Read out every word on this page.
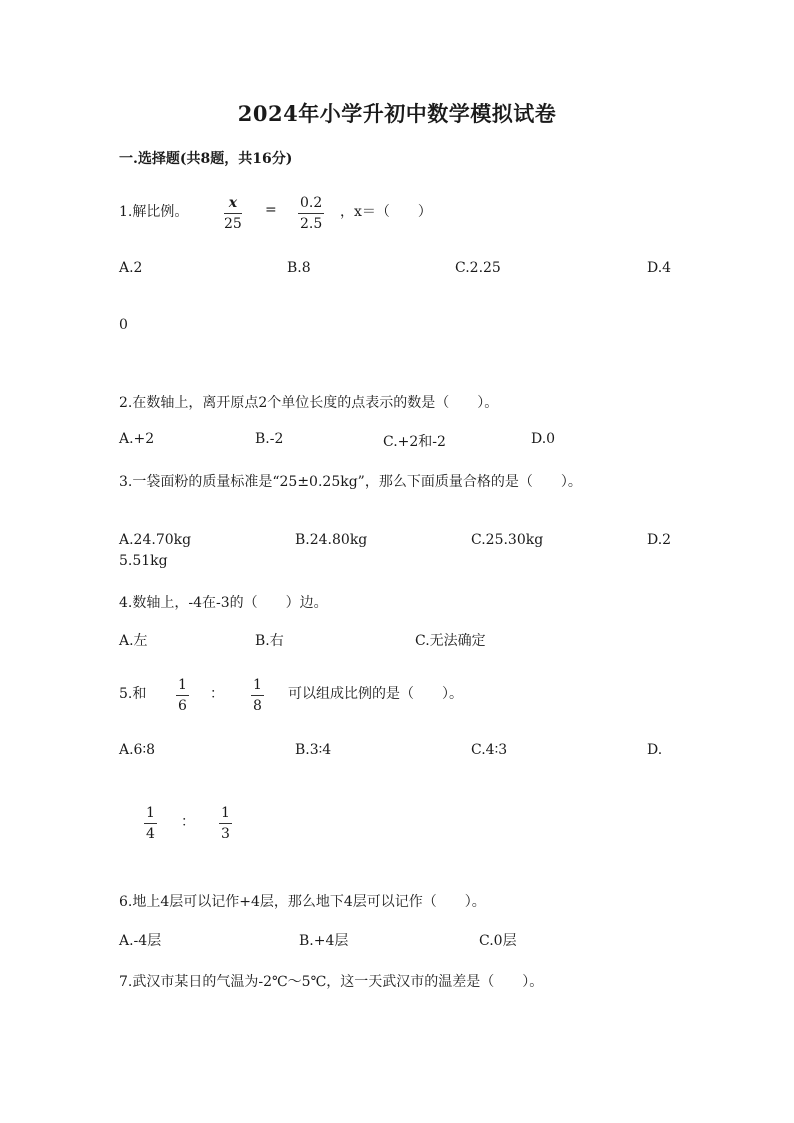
2024年小学升初中数学模拟试卷
一.选择题(共8题，共16分)
1.解比例。
x
25
= 0.2
2.5
，x＝（　　）
A.2	B.8	C.2.25	D.4
0
2.在数轴上，离开原点2个单位长度的点表示的数是（　　）。
A.+2	B.-2	C.+2和-2	D.0
3.一袋面粉的质量标准是“25±0.25kg”，那么下面质量合格的是（　　）。
A.24.70kg	B.24.80kg	C.25.30kg	D.2
5.51kg
4.数轴上，-4在-3的（　　）边。
A.左	B.右	C.无法确定
5.和
1
6
：
1
8
可以组成比例的是（　　）。
A.6∶8	B.3∶4	C.4∶3	D.
1
4
：
1
3
6.地上4层可以记作+4层，那么地下4层可以记作（　　）。
A.-4层	B.+4层	C.0层
7.武汉市某日的气温为-2℃～5℃，这一天武汉市的温差是（　　）。
